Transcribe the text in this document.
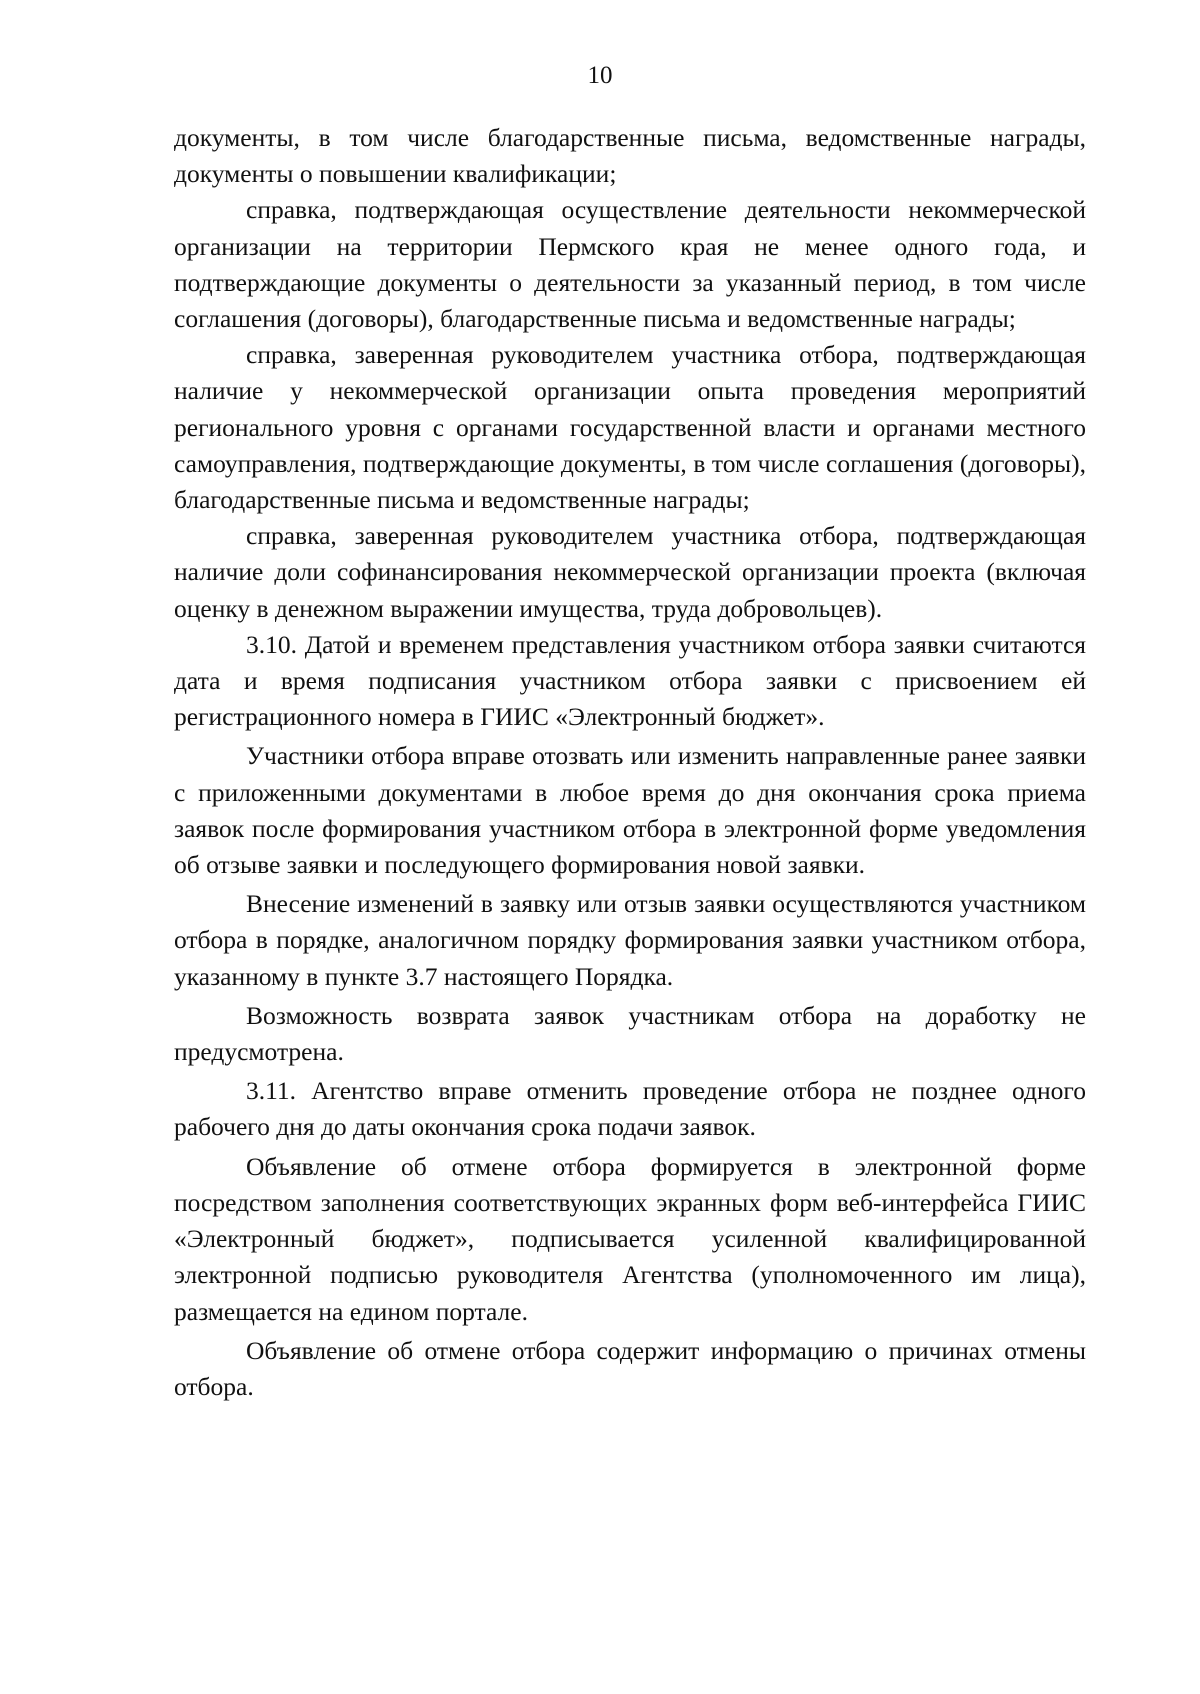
10

документы, в том числе благодарственные письма, ведомственные награды, документы о повышении квалификации;

справка, подтверждающая осуществление деятельности некоммерческой организации на территории Пермского края не менее одного года, и подтверждающие документы о деятельности за указанный период, в том числе соглашения (договоры), благодарственные письма и ведомственные награды;

справка, заверенная руководителем участника отбора, подтверждающая наличие у некоммерческой организации опыта проведения мероприятий регионального уровня с органами государственной власти и органами местного самоуправления, подтверждающие документы, в том числе соглашения (договоры), благодарственные письма и ведомственные награды;

справка, заверенная руководителем участника отбора, подтверждающая наличие доли софинансирования некоммерческой организации проекта (включая оценку в денежном выражении имущества, труда добровольцев).

3.10. Датой и временем представления участником отбора заявки считаются дата и время подписания участником отбора заявки с присвоением ей регистрационного номера в ГИИС «Электронный бюджет».

Участники отбора вправе отозвать или изменить направленные ранее заявки с приложенными документами в любое время до дня окончания срока приема заявок после формирования участником отбора в электронной форме уведомления об отзыве заявки и последующего формирования новой заявки.

Внесение изменений в заявку или отзыв заявки осуществляются участником отбора в порядке, аналогичном порядку формирования заявки участником отбора, указанному в пункте 3.7 настоящего Порядка.

Возможность возврата заявок участникам отбора на доработку не предусмотрена.

3.11. Агентство вправе отменить проведение отбора не позднее одного рабочего дня до даты окончания срока подачи заявок.

Объявление об отмене отбора формируется в электронной форме посредством заполнения соответствующих экранных форм веб-интерфейса ГИИС «Электронный бюджет», подписывается усиленной квалифицированной электронной подписью руководителя Агентства (уполномоченного им лица), размещается на едином портале.

Объявление об отмене отбора содержит информацию о причинах отмены отбора.
